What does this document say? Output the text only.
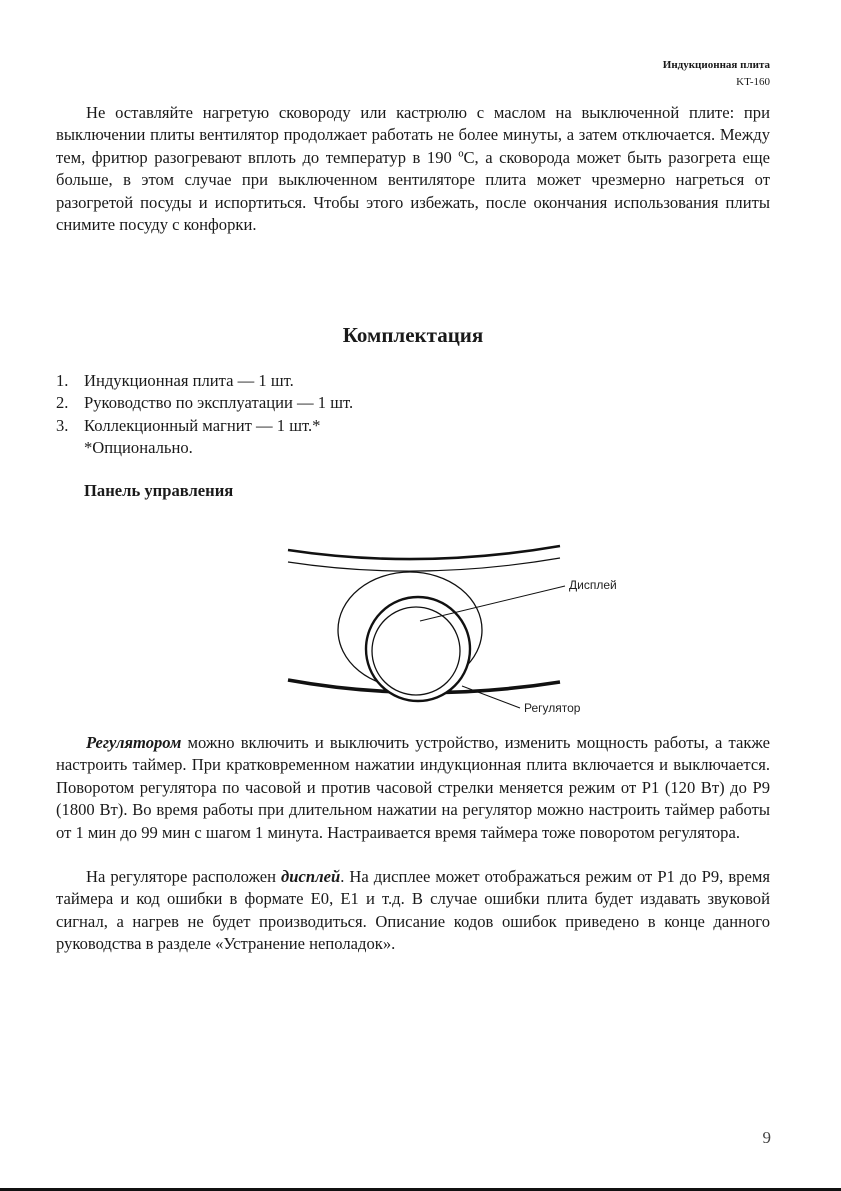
Индукционная плита
KT-160

Не оставляйте нагретую сковороду или кастрюлю с маслом на выключенной плите: при выключении плиты вентилятор продолжает работать не более минуты, а затем отключается. Между тем, фритюр разогревают вплоть до температур в 190 ºС, а сковорода может быть разогрета еще больше, в этом случае при выключенном вентиляторе плита может чрезмерно нагреться от разогретой посуды и испортиться. Чтобы этого избежать, после окончания использования плиты снимите посуду с конфорки.

Комплектация
1. Индукционная плита — 1 шт.
2. Руководство по эксплуатации — 1 шт.
3. Коллекционный магнит — 1 шт.*
*Опционально.
Панель управления
Дисплей
Регулятор

Регулятором можно включить и выключить устройство, изменить мощность работы, а также настроить таймер. При кратковременном нажатии индукционная плита включается и выключается. Поворотом регулятора по часовой и против часовой стрелки меняется режим от Р1 (120 Вт) до Р9 (1800 Вт). Во время работы при длительном нажатии на регулятор можно настроить таймер работы от 1 мин до 99 мин с шагом 1 минута. Настраивается время таймера тоже поворотом регулятора.

На регуляторе расположен дисплей. На дисплее может отображаться режим от Р1 до Р9, время таймера и код ошибки в формате Е0, Е1 и т.д. В случае ошибки плита будет издавать звуковой сигнал, а нагрев не будет производиться. Описание кодов ошибок приведено в конце данного руководства в разделе «Устранение неполадок».

9
